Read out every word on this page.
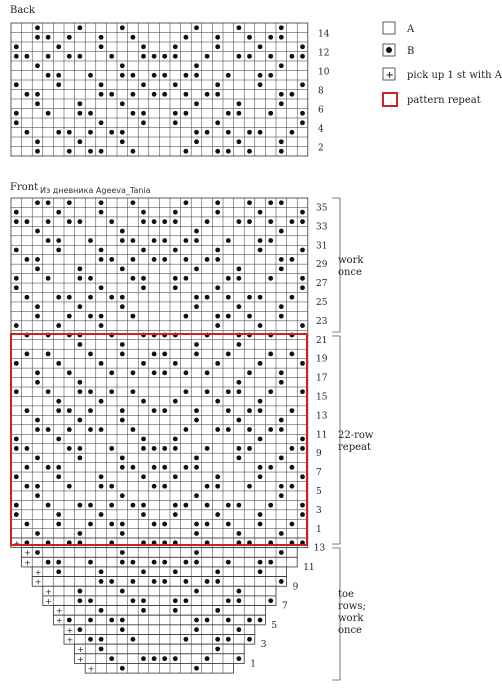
Back
Front
14
12
10
8
6
4
2
35
33
31
29
27
25
23
21
19
17
15
13
11
9
7
5
3
1
+
+
+
+
+
+
+
+
+
+
+
+
+
+
13
11
9
7
5
3
1
work
once
22-row
repeat
toe
rows;
work
once
A
B
+ pick up 1 st with A
pattern repeat
Из дневника Ageeva_Tania
